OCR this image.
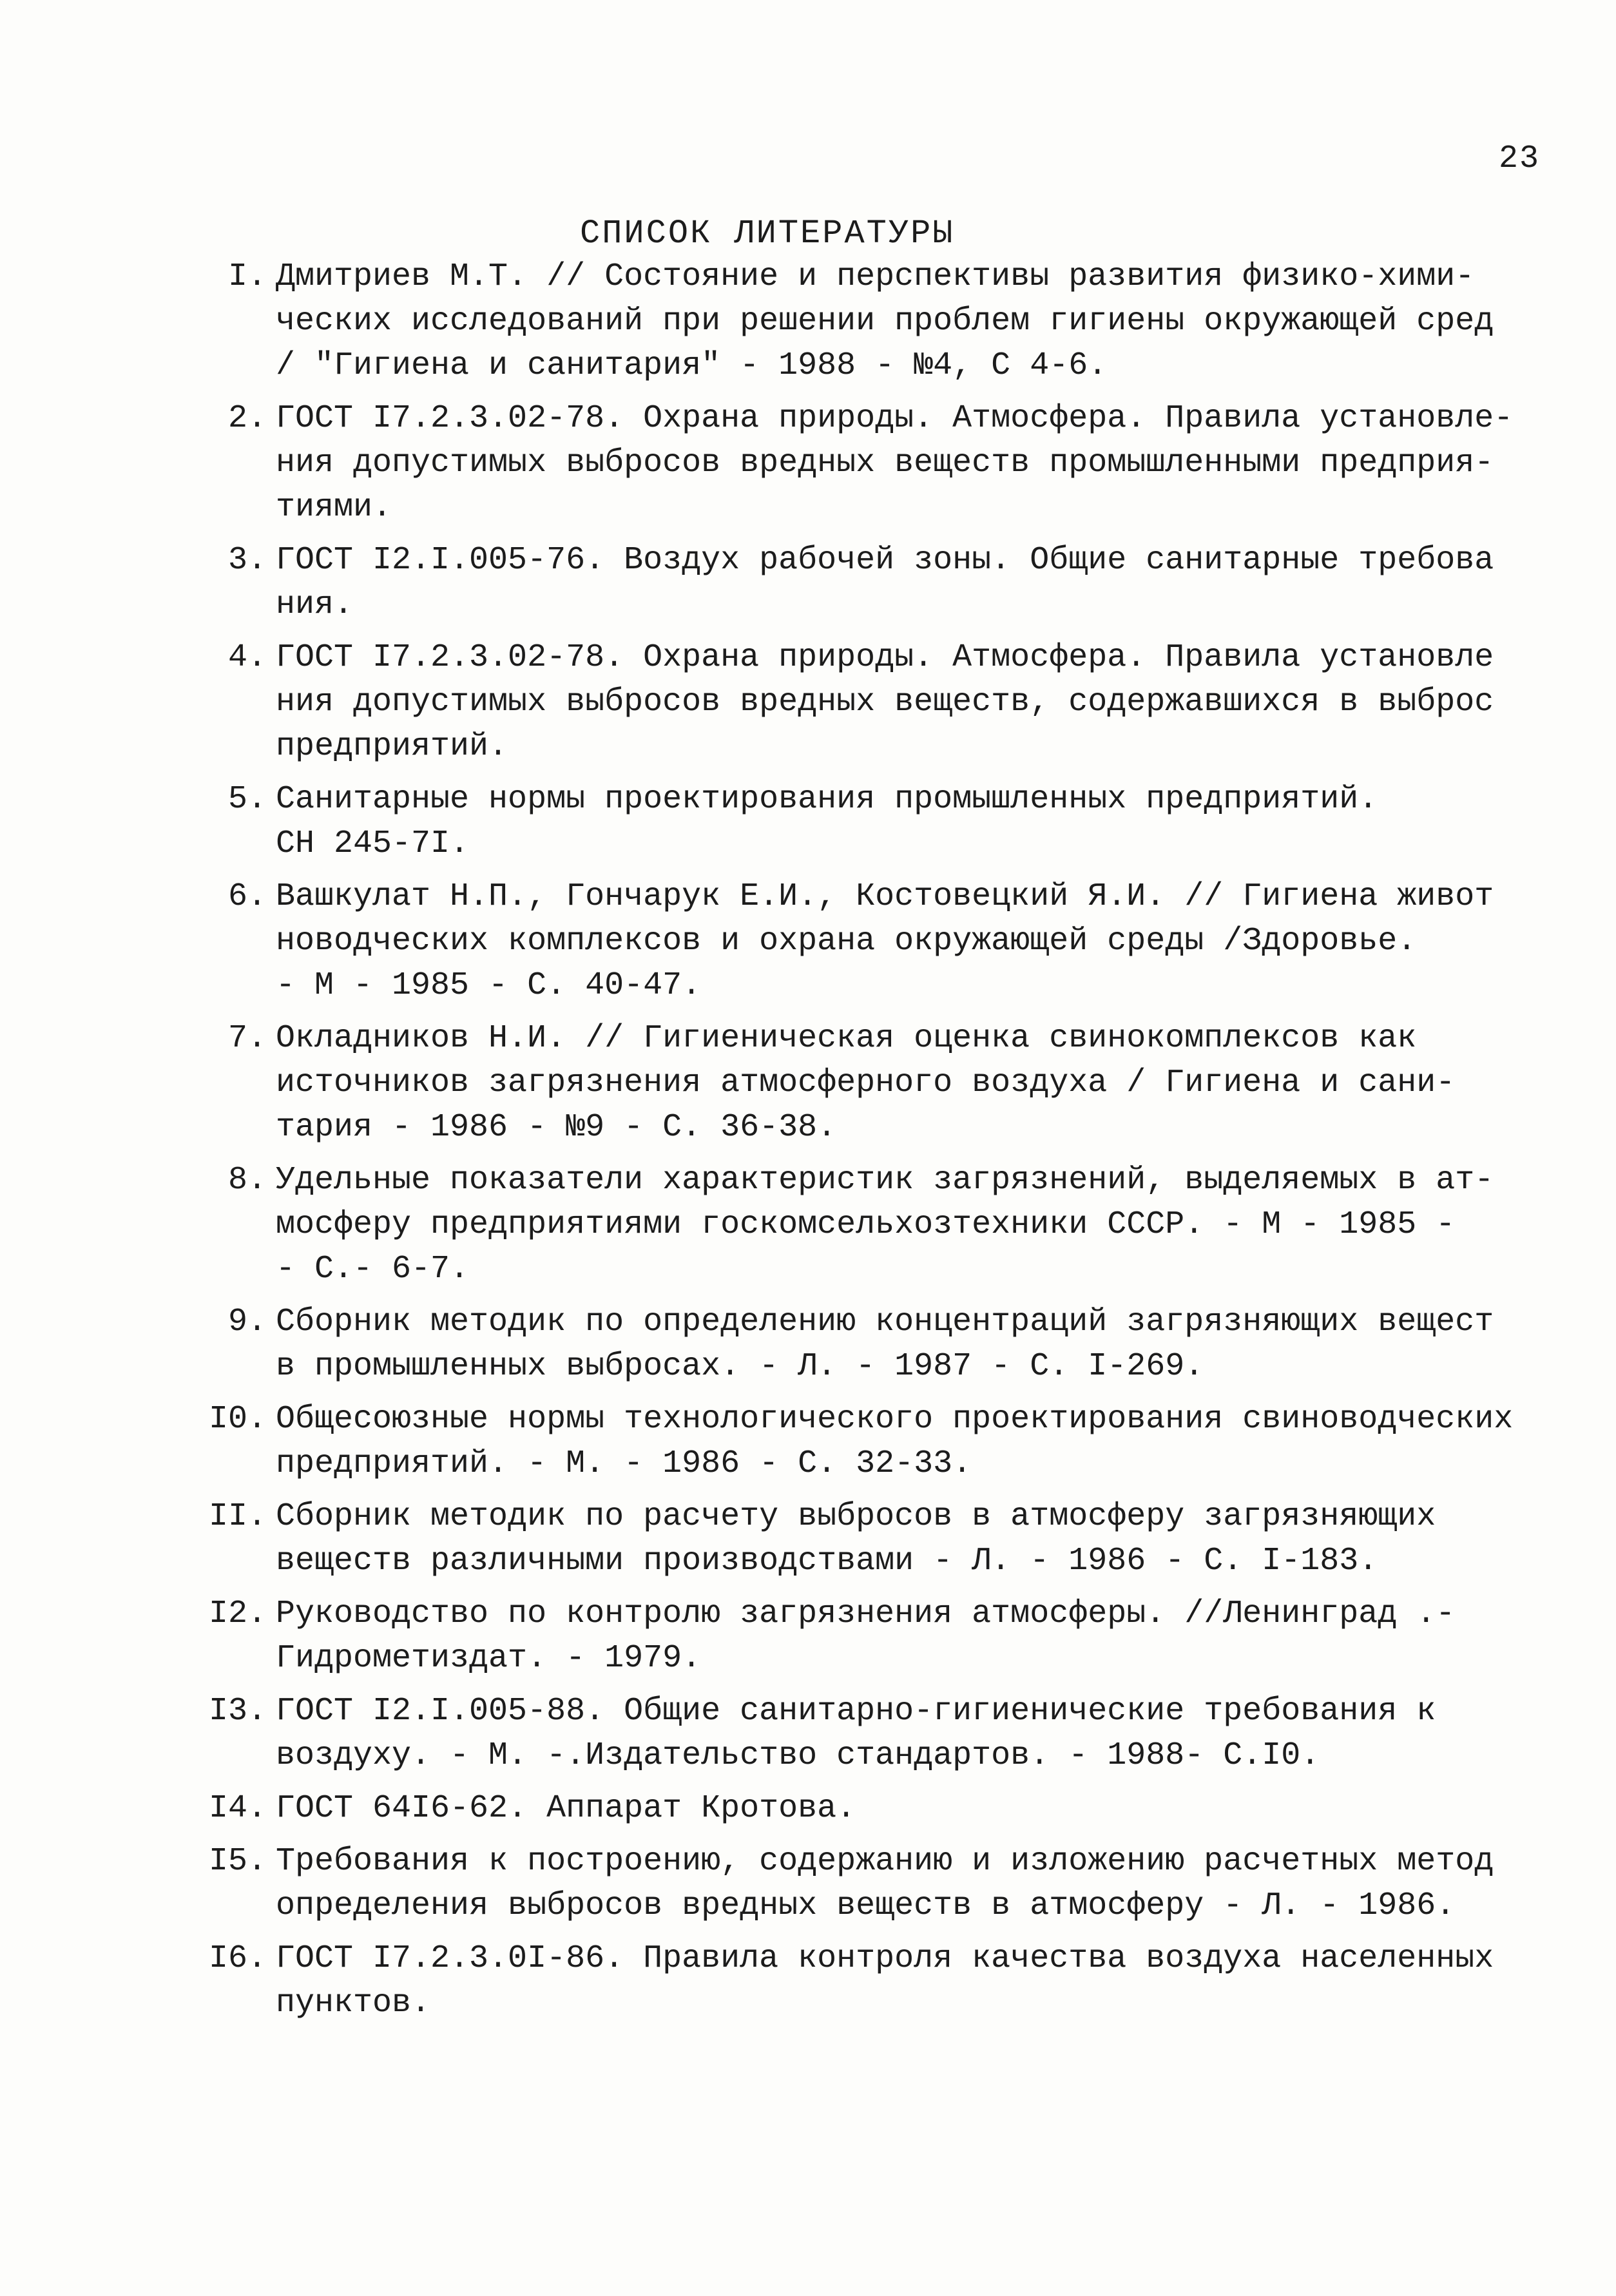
23
СПИСОК ЛИТЕРАТУРЫ
I. Дмитриев М.Т. // Состояние и перспективы развития физико-хими-
ческих исследований при решении проблем гигиены окружающей сред
/ "Гигиена и санитария" - 1988 - №4, С 4-6.
2. ГОСТ I7.2.3.02-78. Охрана природы. Атмосфера. Правила установле-
ния допустимых выбросов вредных веществ промышленными предприя-
тиями.
3. ГОСТ I2.I.005-76. Воздух рабочей зоны. Общие санитарные требова
ния.
4. ГОСТ I7.2.3.02-78. Охрана природы. Атмосфера. Правила установле
ния допустимых выбросов вредных веществ, содержавшихся в выброс
предприятий.
5. Санитарные нормы проектирования промышленных предприятий.
СН 245-7I.
6. Вашкулат Н.П., Гончарук Е.И., Костовецкий Я.И. // Гигиена живот
новодческих комплексов и охрана окружающей среды /Здоровье.
- М - 1985 - С. 40-47.
7. Окладников Н.И. // Гигиеническая оценка свинокомплексов как
источников загрязнения атмосферного воздуха / Гигиена и сани-
тария - 1986 - №9 - С. 36-38.
8. Удельные показатели характеристик загрязнений, выделяемых в ат-
мосферу предприятиями госкомсельхозтехники СССР. - М - 1985 -
- С.- 6-7.
9. Сборник методик по определению концентраций загрязняющих вещест
в промышленных выбросах. - Л. - 1987 - С. I-269.
I0. Общесоюзные нормы технологического проектирования свиноводческих
предприятий. - М. - 1986 - С. 32-33.
II. Сборник методик по расчету выбросов в атмосферу загрязняющих
веществ различными производствами - Л. - 1986 - С. I-183.
I2. Руководство по контролю загрязнения атмосферы. //Ленинград .-
Гидрометиздат. - 1979.
I3. ГОСТ I2.I.005-88. Общие санитарно-гигиенические требования к
воздуху. - М. -.Издательство стандартов. - 1988- С.I0.
I4. ГОСТ 64I6-62. Аппарат Кротова.
I5. Требования к построению, содержанию и изложению расчетных метод
определения выбросов вредных веществ в атмосферу - Л. - 1986.
I6. ГОСТ I7.2.3.0I-86. Правила контроля качества воздуха населенных
пунктов.
